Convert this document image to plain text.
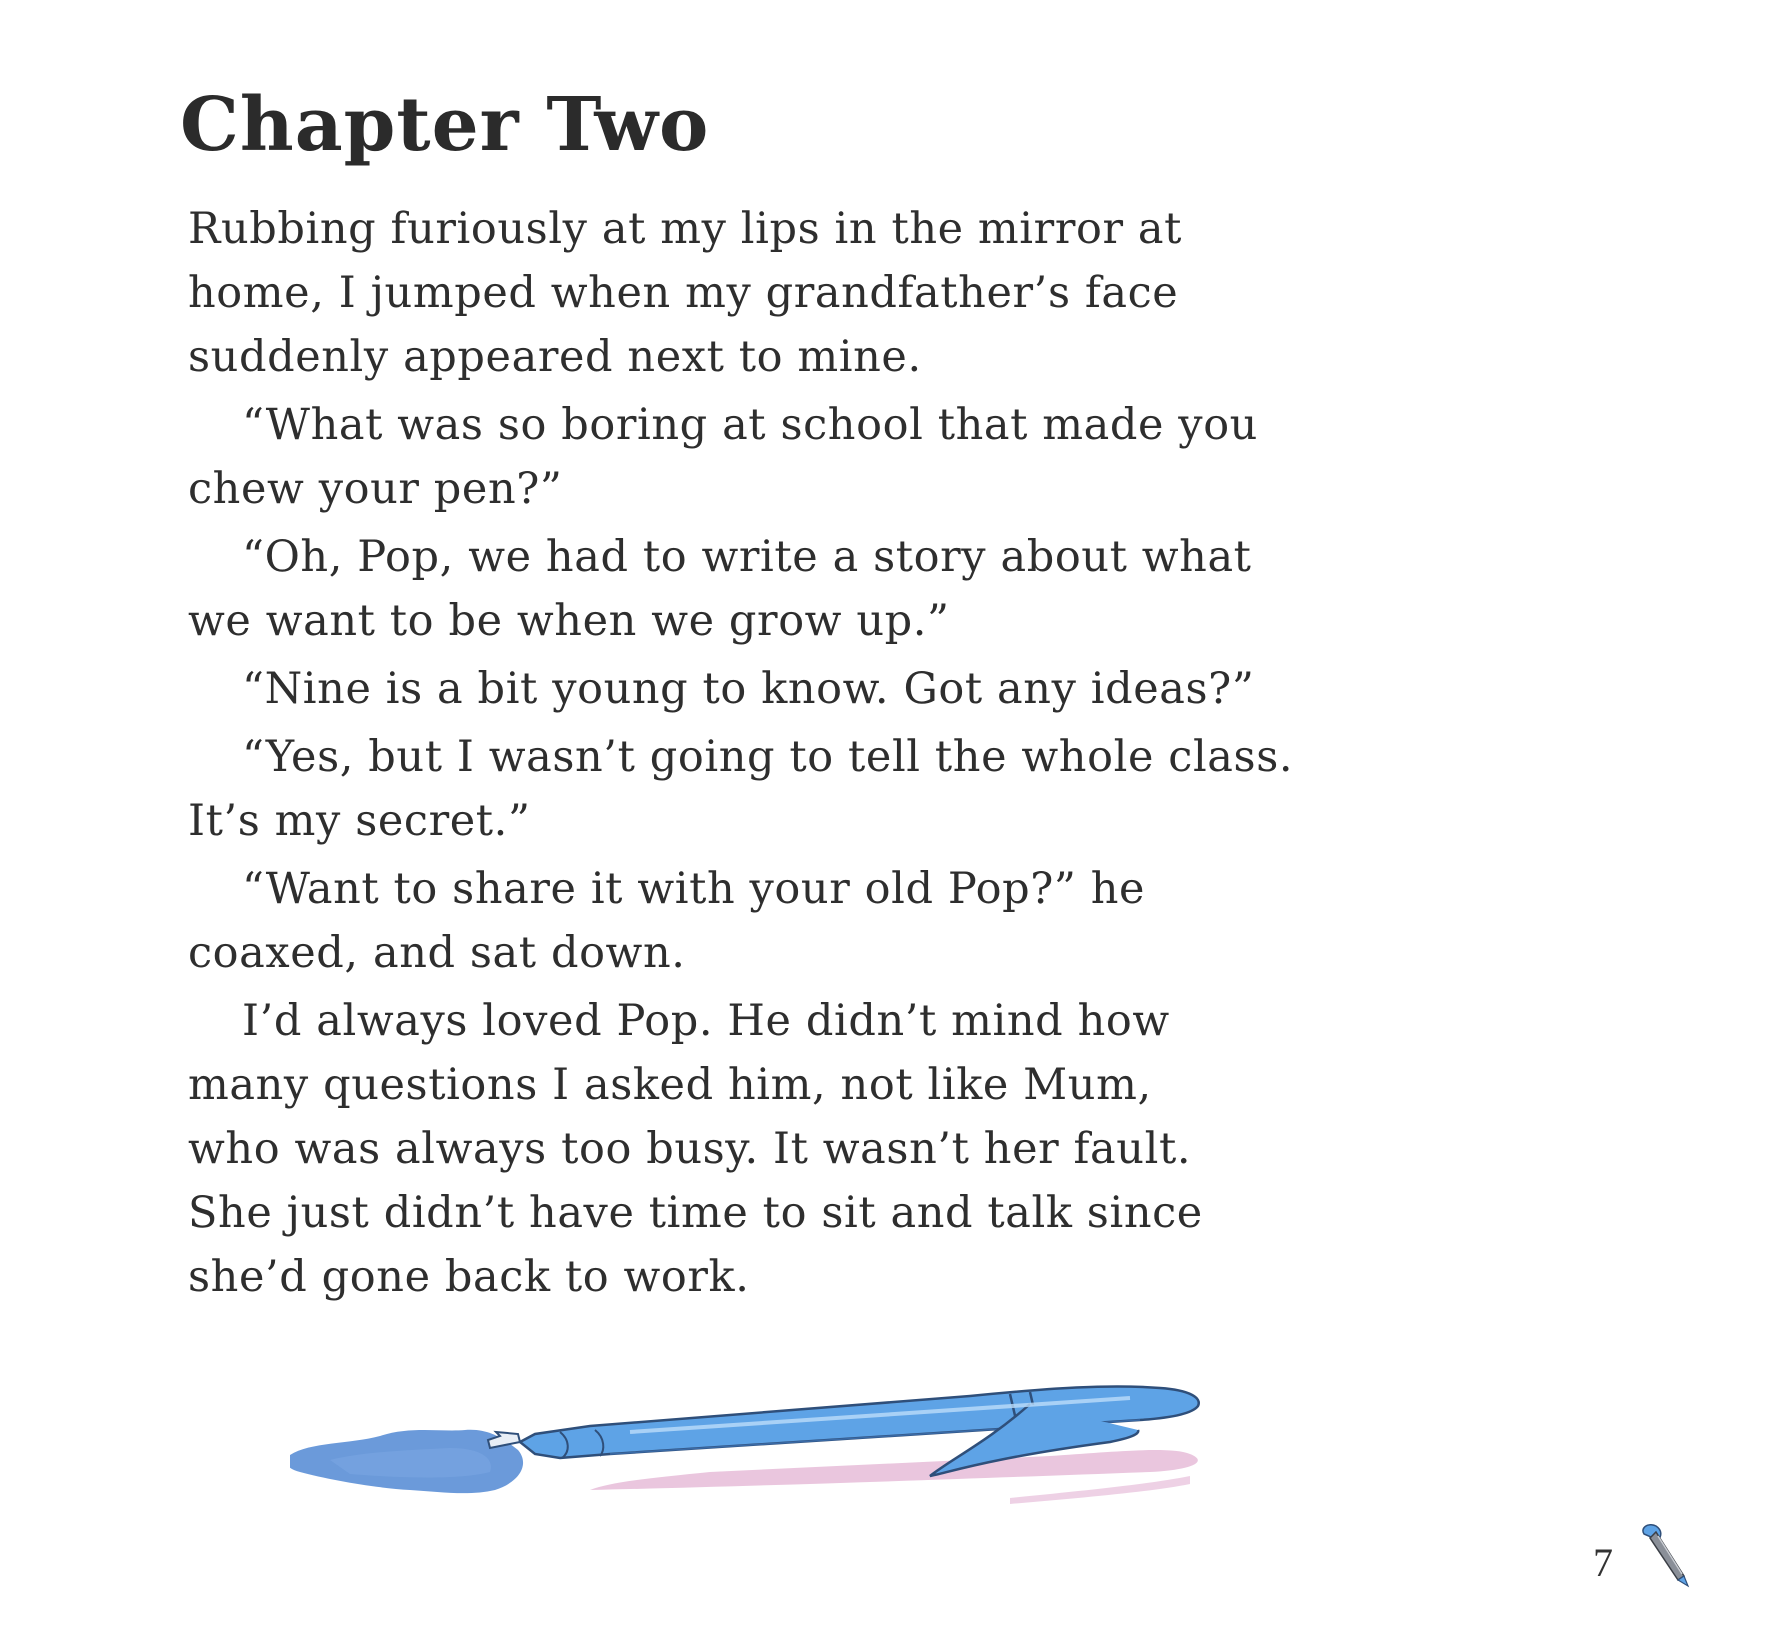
Chapter Two

Rubbing furiously at my lips in the mirror at
home, I jumped when my grandfather’s face
suddenly appeared next to mine.

“What was so boring at school that made you
chew your pen?”

“Oh, Pop, we had to write a story about what
we want to be when we grow up.”

“Nine is a bit young to know. Got any ideas?”

“Yes, but I wasn’t going to tell the whole class.
It’s my secret.”

“Want to share it with your old Pop?” he
coaxed, and sat down.

I’d always loved Pop. He didn’t mind how
many questions I asked him, not like Mum,
who was always too busy. It wasn’t her fault.
She just didn’t have time to sit and talk since
she’d gone back to work.

7
